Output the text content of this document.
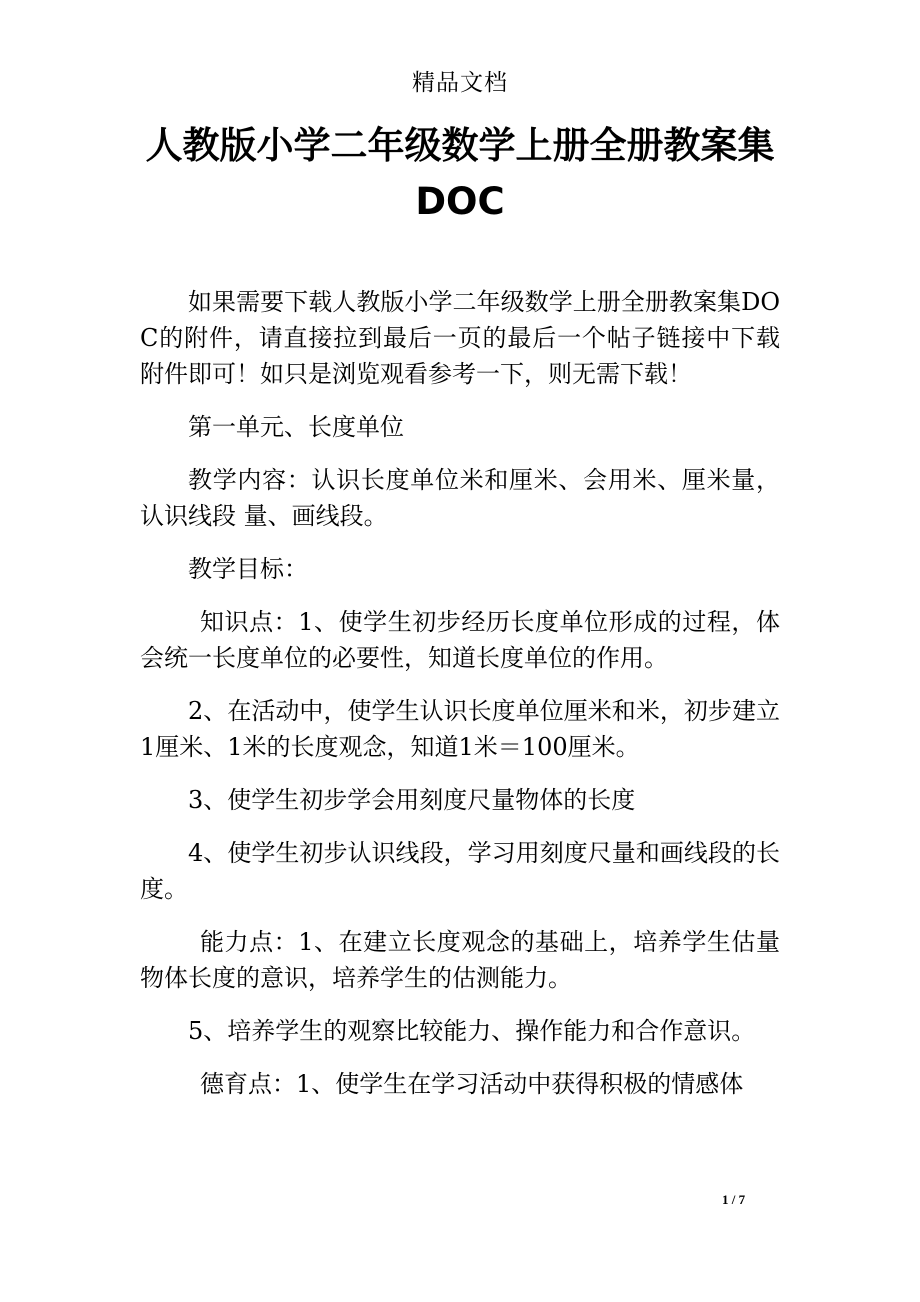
精品文档
人教版小学二年级数学上册全册教案集DOC

如果需要下载人教版小学二年级数学上册全册教案集DOC的附件，请直接拉到最后一页的最后一个帖子链接中下载附件即可！如只是浏览观看参考一下，则无需下载！

第一单元、长度单位

教学内容：认识长度单位米和厘米、会用米、厘米量，认识线段 量、画线段。

教学目标：

知识点：1、使学生初步经历长度单位形成的过程，体会统一长度单位的必要性，知道长度单位的作用。

2、在活动中，使学生认识长度单位厘米和米，初步建立1厘米、1米的长度观念，知道1米＝100厘米。

3、使学生初步学会用刻度尺量物体的长度

4、使学生初步认识线段，学习用刻度尺量和画线段的长度。

能力点：1、在建立长度观念的基础上，培养学生估量物体长度的意识，培养学生的估测能力。

5、培养学生的观察比较能力、操作能力和合作意识。

德育点：1、使学生在学习活动中获得积极的情感体

1 / 7
